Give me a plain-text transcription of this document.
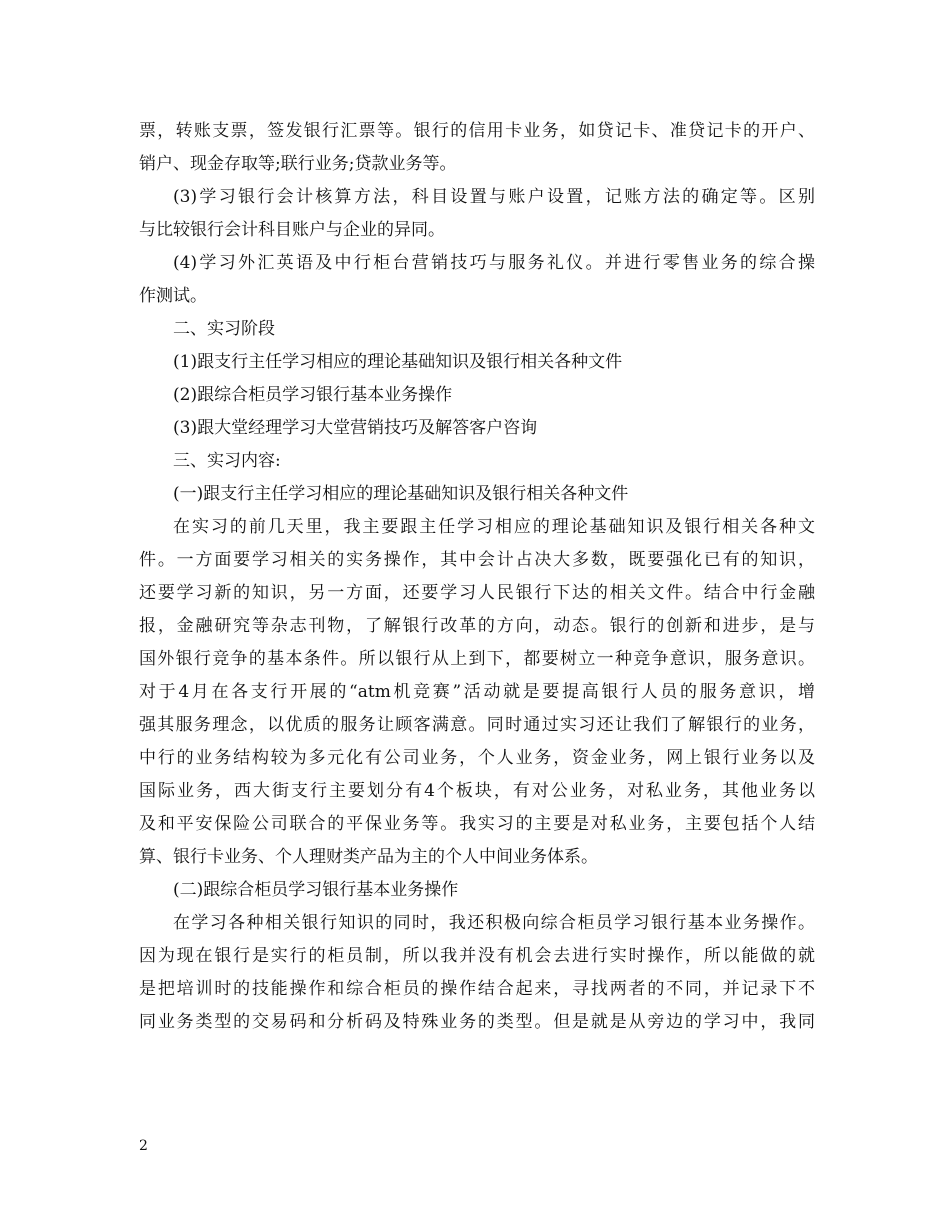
票，转账支票，签发银行汇票等。银行的信用卡业务，如贷记卡、准贷记卡的开户、
销户、现金存取等;联行业务;贷款业务等。
(3)学习银行会计核算方法，科目设置与账户设置，记账方法的确定等。区别
与比较银行会计科目账户与企业的异同。
(4)学习外汇英语及中行柜台营销技巧与服务礼仪。并进行零售业务的综合操
作测试。
二、实习阶段
(1)跟支行主任学习相应的理论基础知识及银行相关各种文件
(2)跟综合柜员学习银行基本业务操作
(3)跟大堂经理学习大堂营销技巧及解答客户咨询
三、实习内容:
(一)跟支行主任学习相应的理论基础知识及银行相关各种文件
在实习的前几天里，我主要跟主任学习相应的理论基础知识及银行相关各种文
件。一方面要学习相关的实务操作，其中会计占决大多数，既要强化已有的知识，
还要学习新的知识，另一方面，还要学习人民银行下达的相关文件。结合中行金融
报，金融研究等杂志刊物，了解银行改革的方向，动态。银行的创新和进步，是与
国外银行竞争的基本条件。所以银行从上到下，都要树立一种竞争意识，服务意识。
对于4月在各支行开展的“atm机竞赛”活动就是要提高银行人员的服务意识，增
强其服务理念，以优质的服务让顾客满意。同时通过实习还让我们了解银行的业务，
中行的业务结构较为多元化有公司业务，个人业务，资金业务，网上银行业务以及
国际业务，西大街支行主要划分有4个板块，有对公业务，对私业务，其他业务以
及和平安保险公司联合的平保业务等。我实习的主要是对私业务，主要包括个人结
算、银行卡业务、个人理财类产品为主的个人中间业务体系。
(二)跟综合柜员学习银行基本业务操作
在学习各种相关银行知识的同时，我还积极向综合柜员学习银行基本业务操作。
因为现在银行是实行的柜员制，所以我并没有机会去进行实时操作，所以能做的就
是把培训时的技能操作和综合柜员的操作结合起来，寻找两者的不同，并记录下不
同业务类型的交易码和分析码及特殊业务的类型。但是就是从旁边的学习中，我同
2
